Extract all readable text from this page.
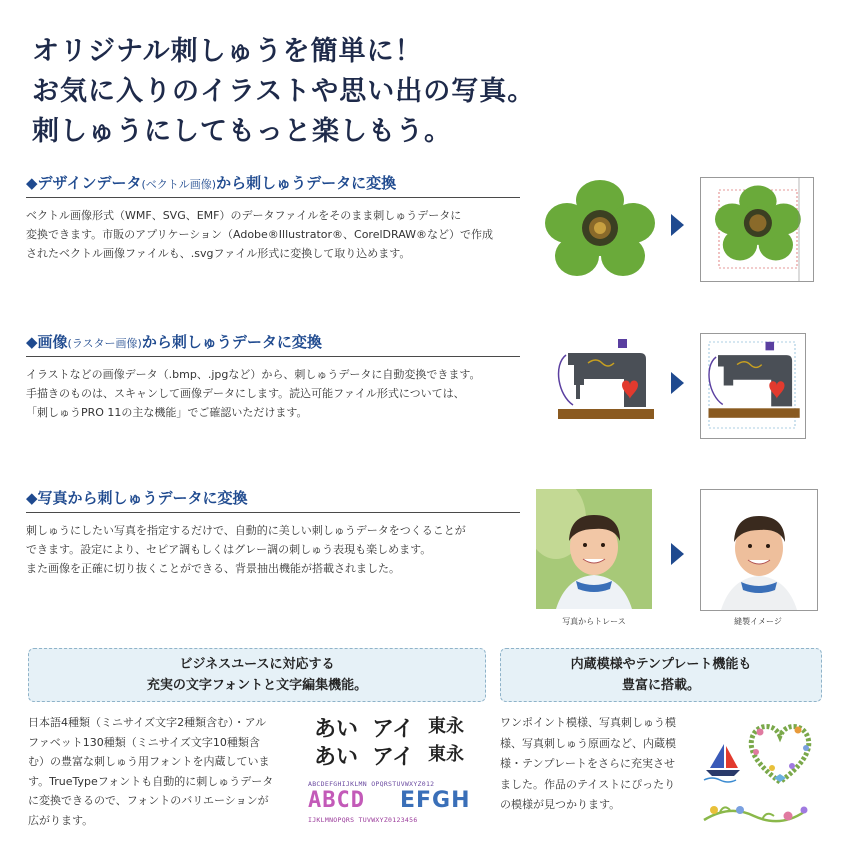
オリジナル刺しゅうを簡単に！
お気に入りのイラストや思い出の写真。
刺しゅうにしてもっと楽しもう。
◆デザインデータ(ベクトル画像)から刺しゅうデータに変換
ベクトル画像形式（WMF、SVG、EMF）のデータファイルをそのまま刺しゅうデータに
変換できます。市販のアプリケーション（Adobe®Illustrator®、CorelDRAW®など）で作成
されたベクトル画像ファイルも、.svgファイル形式に変換して取り込めます。
◆画像(ラスター画像)から刺しゅうデータに変換
イラストなどの画像データ（.bmp、.jpgなど）から、刺しゅうデータに自動変換できます。
手描きのものは、スキャンして画像データにします。読込可能ファイル形式については、
「刺しゅうPRO 11の主な機能」でご確認いただけます。
◆写真から刺しゅうデータに変換
刺しゅうにしたい写真を指定するだけで、自動的に美しい刺しゅうデータをつくることが
できます。設定により、セピア調もしくはグレー調の刺しゅう表現も楽しめます。
また画像を正確に切り抜くことができる、背景抽出機能が搭載されました。
写真からトレース	縫製イメージ
ビジネスユースに対応する
充実の文字フォントと文字編集機能。
内蔵模様やテンプレート機能も
豊富に搭載。
日本語4種類（ミニサイズ文字2種類含む）・アル
ファベット130種類（ミニサイズ文字10種類含
む）の豊富な刺しゅう用フォントを内蔵していま
す。TrueTypeフォントも自動的に刺しゅうデータ
に変換できるので、フォントのバリエーションが
広がります。
あい アイ 東永
あい アイ 東永
ABCDEFGHIJKLMN OPQRSTUVWXYZ012
ABCD EFGH
IJKLMNOPQRS TUVWXYZ0123456
ワンポイント模様、写真刺しゅう模
様、写真刺しゅう原画など、内蔵模
様・テンプレートをさらに充実させ
ました。作品のテイストにぴったり
の模様が見つかります。
